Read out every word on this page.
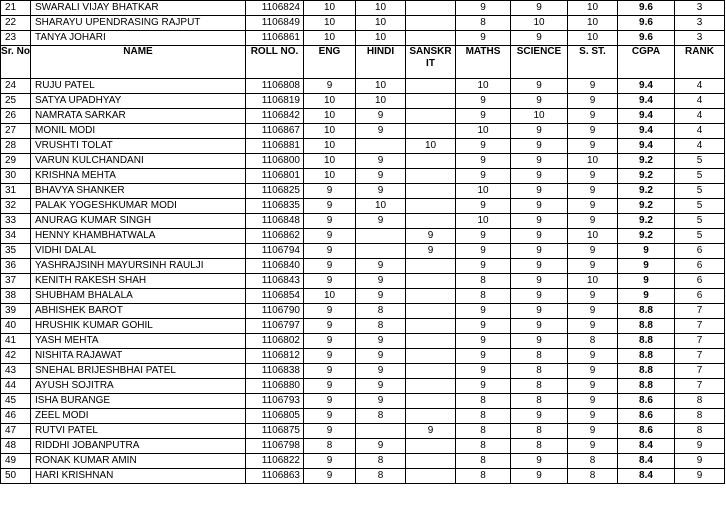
21	SWARALI VIJAY BHATKAR	1106824	10	10		9	9	10	9.6	3
22	SHARAYU UPENDRASING RAJPUT	1106849	10	10		8	10	10	9.6	3
23	TANYA JOHARI	1106861	10	10		9	9	10	9.6	3
Sr. No	NAME	ROLL NO.	ENG	HINDI	SANSKR IT	MATHS	SCIENCE	S. ST.	CGPA	RANK
24	RUJU PATEL	1106808	9	10		10	9	9	9.4	4
25	SATYA UPADHYAY	1106819	10	10		9	9	9	9.4	4
26	NAMRATA SARKAR	1106842	10	9		9	10	9	9.4	4
27	MONIL MODI	1106867	10	9		10	9	9	9.4	4
28	VRUSHTI TOLAT	1106881	10		10	9	9	9	9.4	4
29	VARUN KULCHANDANI	1106800	10	9		9	9	10	9.2	5
30	KRISHNA MEHTA	1106801	10	9		9	9	9	9.2	5
31	BHAVYA SHANKER	1106825	9	9		10	9	9	9.2	5
32	PALAK YOGESHKUMAR MODI	1106835	9	10		9	9	9	9.2	5
33	ANURAG KUMAR SINGH	1106848	9	9		10	9	9	9.2	5
34	HENNY KHAMBHATWALA	1106862	9		9	9	9	10	9.2	5
35	VIDHI DALAL	1106794	9		9	9	9	9	9	6
36	YASHRAJSINH MAYURSINH RAULJI	1106840	9	9		9	9	9	9	6
37	KENITH RAKESH SHAH	1106843	9	9		8	9	10	9	6
38	SHUBHAM BHALALA	1106854	10	9		8	9	9	9	6
39	ABHISHEK BAROT	1106790	9	8		9	9	9	8.8	7
40	HRUSHIK KUMAR GOHIL	1106797	9	8		9	9	9	8.8	7
41	YASH MEHTA	1106802	9	9		9	9	8	8.8	7
42	NISHITA RAJAWAT	1106812	9	9		9	8	9	8.8	7
43	SNEHAL BRIJESHBHAI PATEL	1106838	9	9		9	8	9	8.8	7
44	AYUSH SOJITRA	1106880	9	9		9	8	9	8.8	7
45	ISHA BURANGE	1106793	9	9		8	8	9	8.6	8
46	ZEEL MODI	1106805	9	8		8	9	9	8.6	8
47	RUTVI PATEL	1106875	9		9	8	8	9	8.6	8
48	RIDDHI JOBANPUTRA	1106798	8	9		8	8	9	8.4	9
49	RONAK KUMAR AMIN	1106822	9	8		8	9	8	8.4	9
50	HARI KRISHNAN	1106863	9	8		8	9	8	8.4	9
